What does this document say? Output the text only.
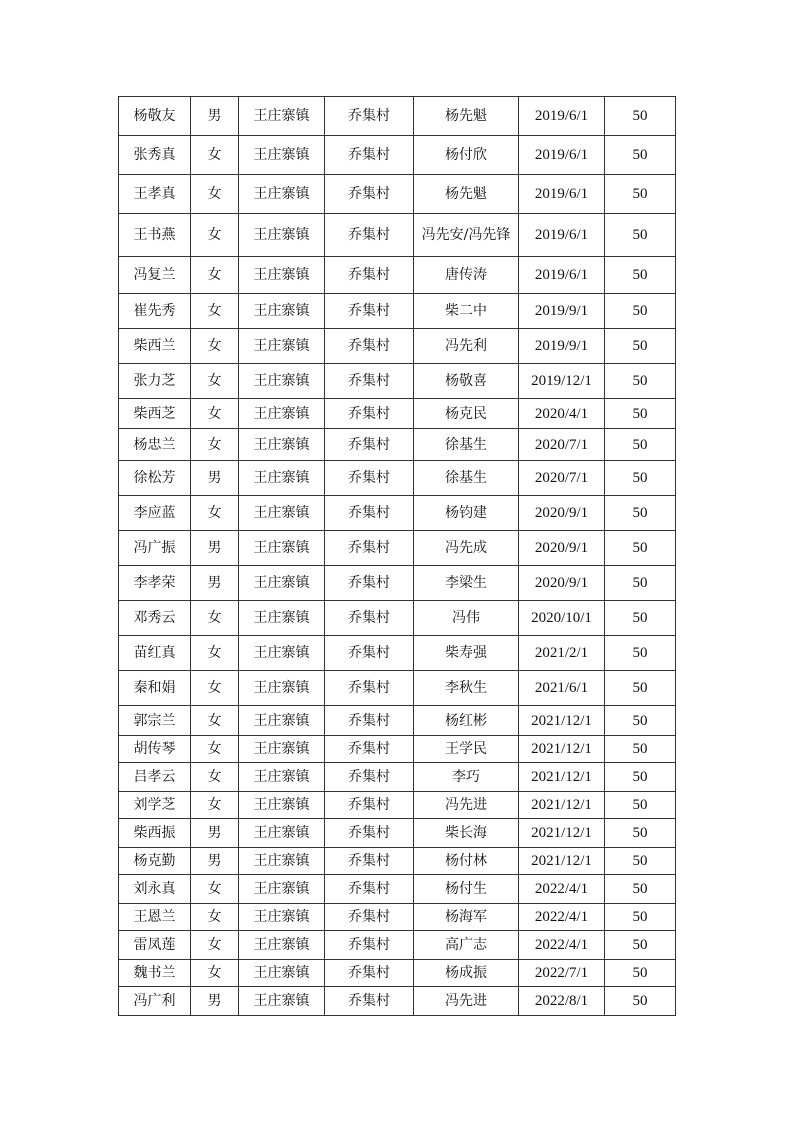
杨敬友	男	王庄寨镇	乔集村	杨先魁	2019/6/1	50
张秀真	女	王庄寨镇	乔集村	杨付欣	2019/6/1	50
王孝真	女	王庄寨镇	乔集村	杨先魁	2019/6/1	50
王书燕	女	王庄寨镇	乔集村	冯先安/冯先锋	2019/6/1	50
冯复兰	女	王庄寨镇	乔集村	唐传涛	2019/6/1	50
崔先秀	女	王庄寨镇	乔集村	柴二中	2019/9/1	50
柴西兰	女	王庄寨镇	乔集村	冯先利	2019/9/1	50
张力芝	女	王庄寨镇	乔集村	杨敬喜	2019/12/1	50
柴西芝	女	王庄寨镇	乔集村	杨克民	2020/4/1	50
杨忠兰	女	王庄寨镇	乔集村	徐基生	2020/7/1	50
徐松芳	男	王庄寨镇	乔集村	徐基生	2020/7/1	50
李应蓝	女	王庄寨镇	乔集村	杨钧建	2020/9/1	50
冯广振	男	王庄寨镇	乔集村	冯先成	2020/9/1	50
李孝荣	男	王庄寨镇	乔集村	李梁生	2020/9/1	50
邓秀云	女	王庄寨镇	乔集村	冯伟	2020/10/1	50
苗红真	女	王庄寨镇	乔集村	柴寿强	2021/2/1	50
秦和娟	女	王庄寨镇	乔集村	李秋生	2021/6/1	50
郭宗兰	女	王庄寨镇	乔集村	杨红彬	2021/12/1	50
胡传琴	女	王庄寨镇	乔集村	王学民	2021/12/1	50
吕孝云	女	王庄寨镇	乔集村	李巧	2021/12/1	50
刘学芝	女	王庄寨镇	乔集村	冯先进	2021/12/1	50
柴西振	男	王庄寨镇	乔集村	柴长海	2021/12/1	50
杨克勤	男	王庄寨镇	乔集村	杨付林	2021/12/1	50
刘永真	女	王庄寨镇	乔集村	杨付生	2022/4/1	50
王恩兰	女	王庄寨镇	乔集村	杨海军	2022/4/1	50
雷凤莲	女	王庄寨镇	乔集村	高广志	2022/4/1	50
魏书兰	女	王庄寨镇	乔集村	杨成振	2022/7/1	50
冯广利	男	王庄寨镇	乔集村	冯先进	2022/8/1	50
